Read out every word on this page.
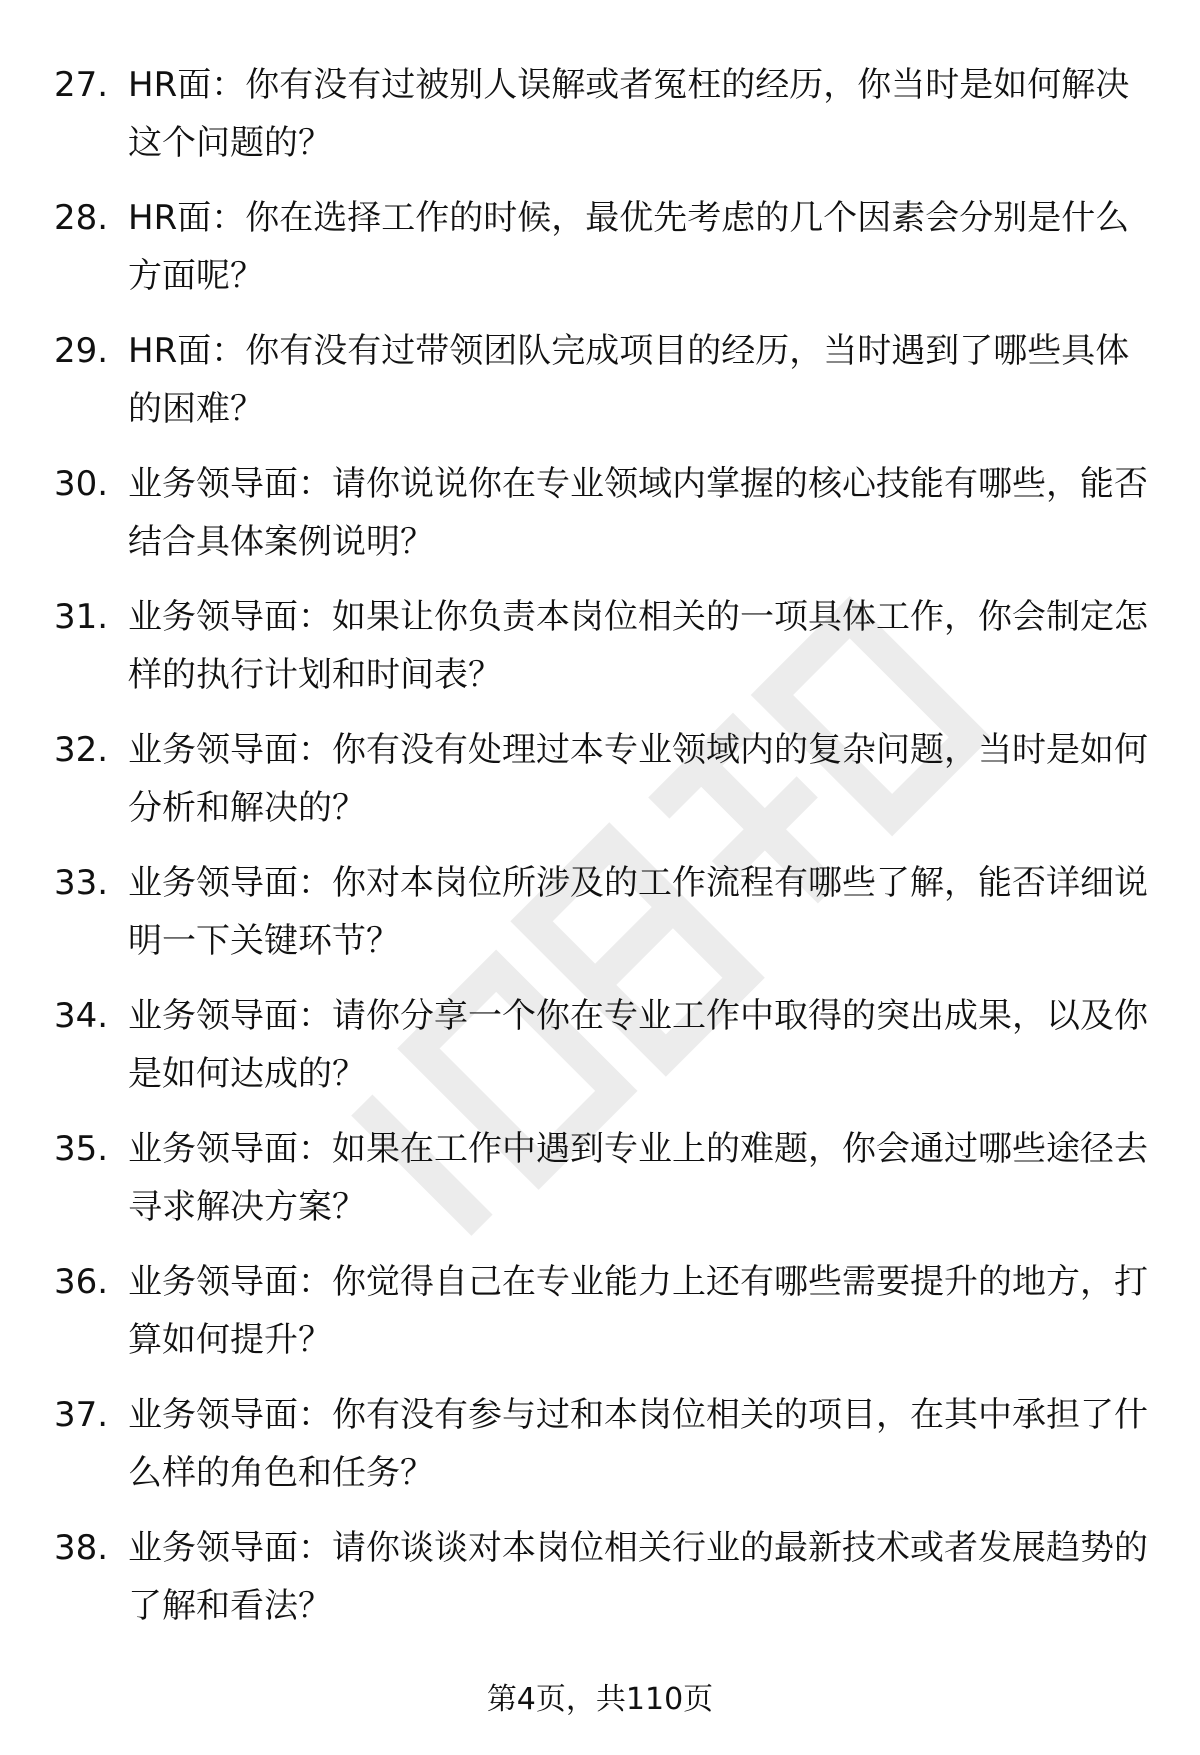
27. HR面：你有没有过被别人误解或者冤枉的经历，你当时是如何解决这个问题的？
28. HR面：你在选择工作的时候，最优先考虑的几个因素会分别是什么方面呢？
29. HR面：你有没有过带领团队完成项目的经历，当时遇到了哪些具体的困难？
30. 业务领导面：请你说说你在专业领域内掌握的核心技能有哪些，能否结合具体案例说明？
31. 业务领导面：如果让你负责本岗位相关的一项具体工作，你会制定怎样的执行计划和时间表？
32. 业务领导面：你有没有处理过本专业领域内的复杂问题，当时是如何分析和解决的？
33. 业务领导面：你对本岗位所涉及的工作流程有哪些了解，能否详细说明一下关键环节？
34. 业务领导面：请你分享一个你在专业工作中取得的突出成果，以及你是如何达成的？
35. 业务领导面：如果在工作中遇到专业上的难题，你会通过哪些途径去寻求解决方案？
36. 业务领导面：你觉得自己在专业能力上还有哪些需要提升的地方，打算如何提升？
37. 业务领导面：你有没有参与过和本岗位相关的项目，在其中承担了什么样的角色和任务？
38. 业务领导面：请你谈谈对本岗位相关行业的最新技术或者发展趋势的了解和看法？
第4页，共110页
